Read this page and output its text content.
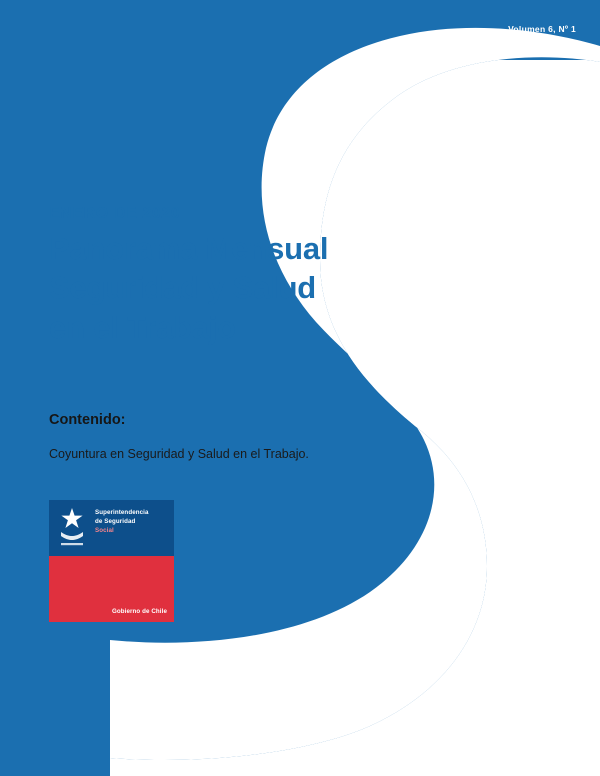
Volumen 6, Nº 1
ENERO DE 2020
Panorama Mensual
Seguridad y Salud
en el Trabajo
Contenido:
Coyuntura en Seguridad y Salud en el Trabajo.
Superintendencia
de Seguridad
Social
Gobierno de Chile
